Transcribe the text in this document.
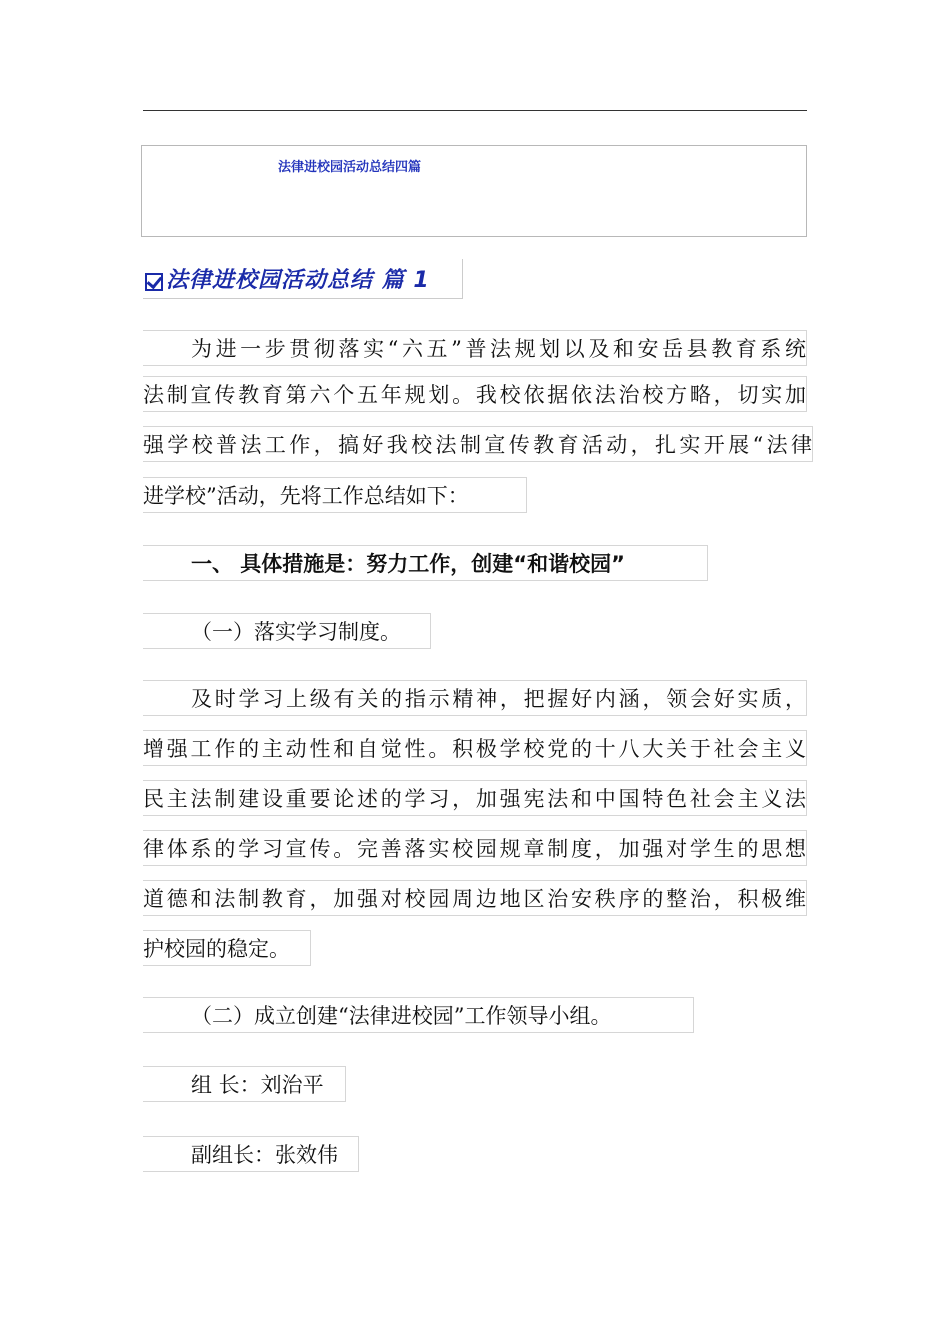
法律进校园活动总结四篇
法律进校园活动总结 篇 1
为进一步贯彻落实“六五”普法规划以及和安岳县教育系统
法制宣传教育第六个五年规划。我校依据依法治校方略，切实加
强学校普法工作，搞好我校法制宣传教育活动，扎实开展“法律
进学校”活动，先将工作总结如下：
一、 具体措施是：努力工作，创建“和谐校园”
（一）落实学习制度。
及时学习上级有关的指示精神，把握好内涵，领会好实质，
增强工作的主动性和自觉性。积极学校党的十八大关于社会主义
民主法制建设重要论述的学习，加强宪法和中国特色社会主义法
律体系的学习宣传。完善落实校园规章制度，加强对学生的思想
道德和法制教育，加强对校园周边地区治安秩序的整治，积极维
护校园的稳定。
（二）成立创建“法律进校园”工作领导小组。
组 长：刘治平
副组长：张效伟
